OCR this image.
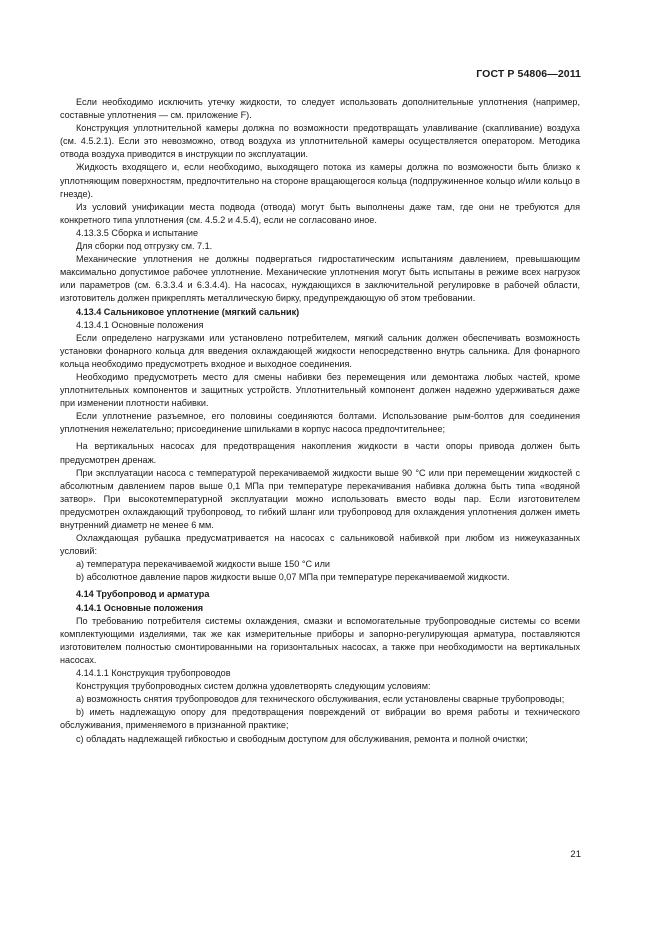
ГОСТ Р 54806—2011

Если необходимо исключить утечку жидкости, то следует использовать дополнительные уплотнения (например, составные уплотнения — см. приложение F).

Конструкция уплотнительной камеры должна по возможности предотвращать улавливание (скапливание) воздуха (см. 4.5.2.1). Если это невозможно, отвод воздуха из уплотнительной камеры осуществляется оператором. Методика отвода воздуха приводится в инструкции по эксплуатации.

Жидкость входящего и, если необходимо, выходящего потока из камеры должна по возможности быть близко к уплотняющим поверхностям, предпочтительно на стороне вращающегося кольца (подпружиненное кольцо и/или кольцо в гнезде).

Из условий унификации места подвода (отвода) могут быть выполнены даже там, где они не требуются для конкретного типа уплотнения (см. 4.5.2 и 4.5.4), если не согласовано иное.

4.13.3.5 Сборка и испытание

Для сборки под отгрузку см. 7.1.

Механические уплотнения не должны подвергаться гидростатическим испытаниям давлением, превышающим максимально допустимое рабочее уплотнение. Механические уплотнения могут быть испытаны в режиме всех нагрузок или параметров (см. 6.3.3.4 и 6.3.4.4). На насосах, нуждающихся в заключительной регулировке в рабочей области, изготовитель должен прикреплять металлическую бирку, предупреждающую об этом требовании.

4.13.4 Сальниковое уплотнение (мягкий сальник)

4.13.4.1 Основные положения

Если определено нагрузками или установлено потребителем, мягкий сальник должен обеспечивать возможность установки фонарного кольца для введения охлаждающей жидкости непосредственно внутрь сальника. Для фонарного кольца необходимо предусмотреть входное и выходное соединения.

Необходимо предусмотреть место для смены набивки без перемещения или демонтажа любых частей, кроме уплотнительных компонентов и защитных устройств. Уплотнительный компонент должен надежно удерживаться даже при изменении плотности набивки.

Если уплотнение разъемное, его половины соединяются болтами. Использование рым-болтов для соединения уплотнения нежелательно; присоединение шпильками в корпус насоса предпочтительнее;

На вертикальных насосах для предотвращения накопления жидкости в части опоры привода должен быть предусмотрен дренаж.

При эксплуатации насоса с температурой перекачиваемой жидкости выше 90 °С или при перемещении жидкостей с абсолютным давлением паров выше 0,1 МПа при температуре перекачивания набивка должна быть типа «водяной затвор». При высокотемпературной эксплуатации можно использовать вместо воды пар. Если изготовителем предусмотрен охлаждающий трубопровод, то гибкий шланг или трубопровод для охлаждения уплотнения должен иметь внутренний диаметр не менее 6 мм.

Охлаждающая рубашка предусматривается на насосах с сальниковой набивкой при любом из нижеуказанных условий:

a) температура перекачиваемой жидкости выше 150 °С или

b) абсолютное давление паров жидкости выше 0,07 МПа при температуре перекачиваемой жидкости.

4.14 Трубопровод и арматура

4.14.1 Основные положения

По требованию потребителя системы охлаждения, смазки и вспомогательные трубопроводные системы со всеми комплектующими изделиями, так же как измерительные приборы и запорно-регулирующая арматура, поставляются изготовителем полностью смонтированными на горизонтальных насосах, а также при необходимости на вертикальных насосах.

4.14.1.1 Конструкция трубопроводов

Конструкция трубопроводных систем должна удовлетворять следующим условиям:

a) возможность снятия трубопроводов для технического обслуживания, если установлены сварные трубопроводы;

b) иметь надлежащую опору для предотвращения повреждений от вибрации во время работы и технического обслуживания, применяемого в признанной практике;

c) обладать надлежащей гибкостью и свободным доступом для обслуживания, ремонта и полной очистки;

21
